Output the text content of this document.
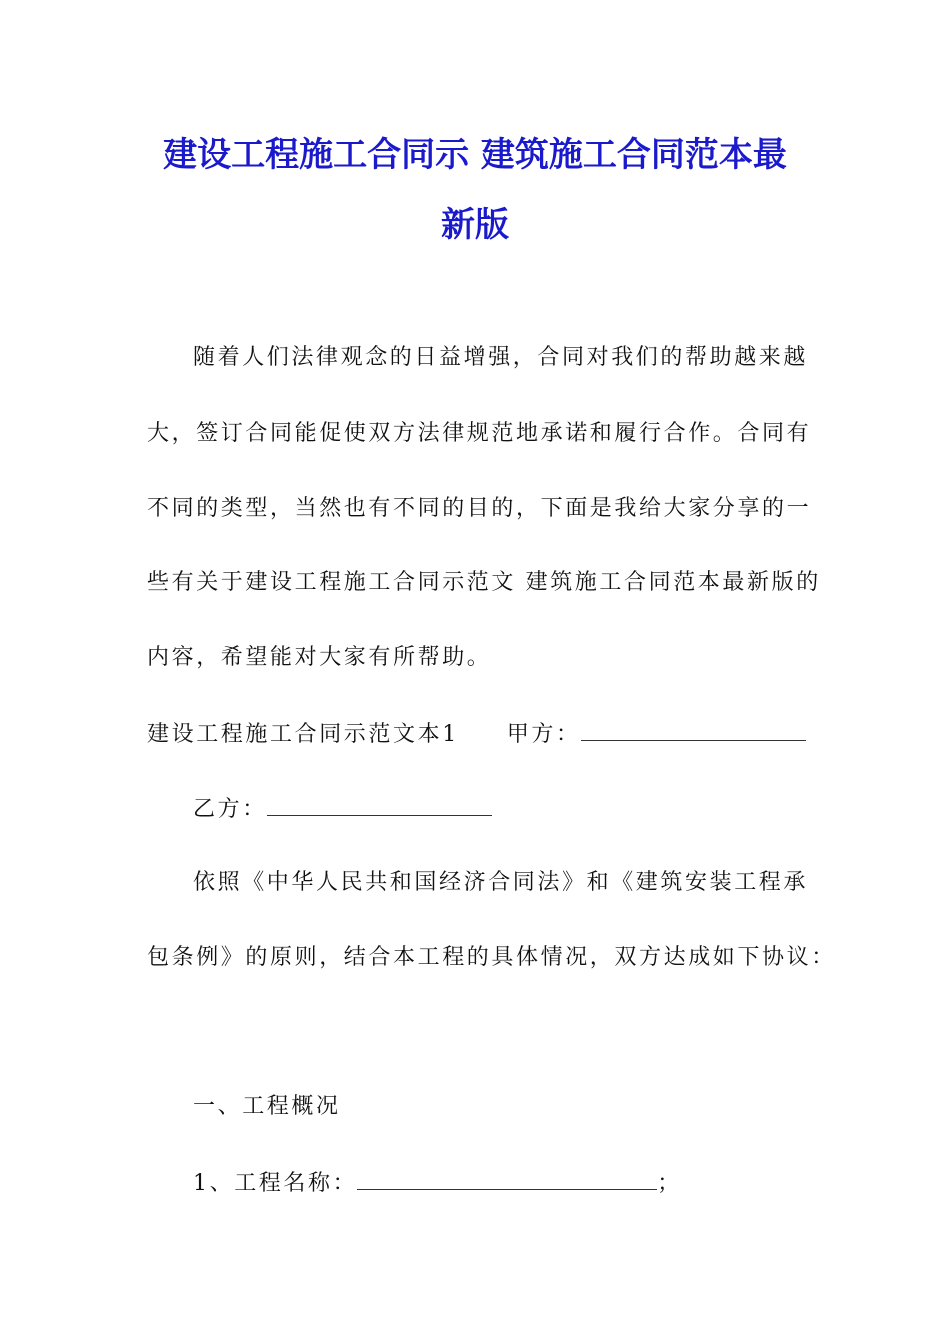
建设工程施工合同示 建筑施工合同范本最
新版
随着人们法律观念的日益增强，合同对我们的帮助越来越
大，签订合同能促使双方法律规范地承诺和履行合作。合同有
不同的类型，当然也有不同的目的，下面是我给大家分享的一
些有关于建设工程施工合同示范文 建筑施工合同范本最新版的
内容，希望能对大家有所帮助。
建设工程施工合同示范文本1 甲方：
乙方：
依照《中华人民共和国经济合同法》和《建筑安装工程承
包条例》的原则，结合本工程的具体情况，双方达成如下协议：
一、工程概况
1、工程名称：	；
